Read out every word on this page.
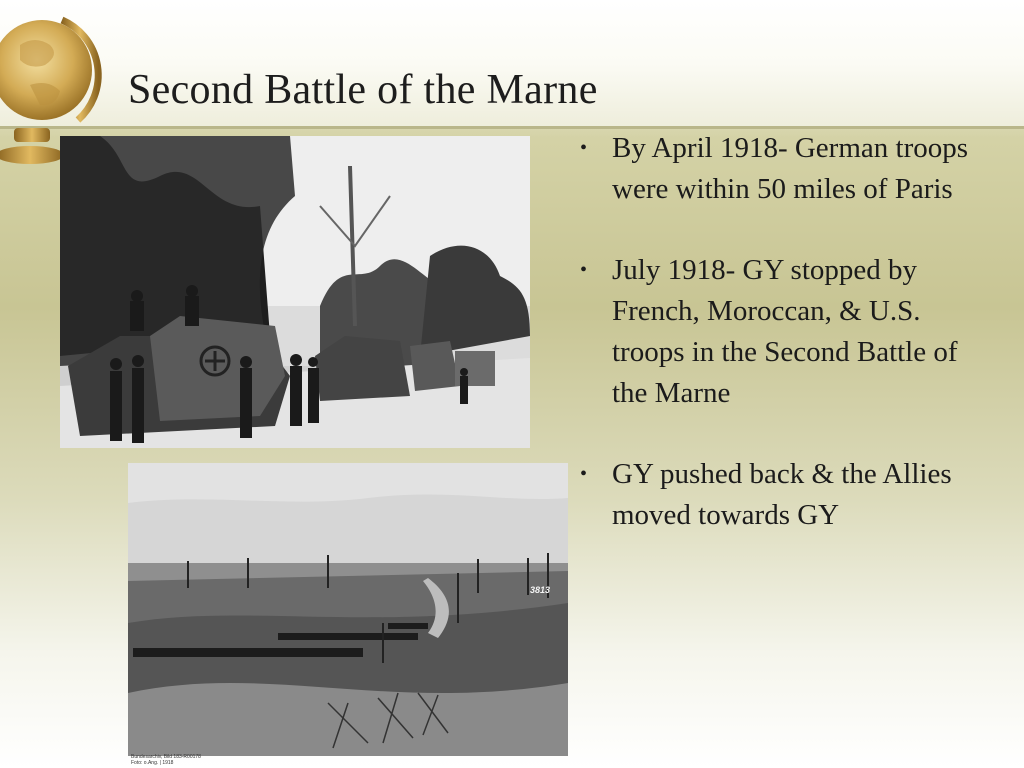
Second Battle of the Marne
3813
Bundesarchiv, Bild 183-R00178
Foto: o.Ang. | 1918
• By April 1918- German troops were within 50 miles of Paris
• July 1918- GY stopped by French, Moroccan, & U.S. troops in the Second Battle of the Marne
• GY pushed back & the Allies moved towards GY
